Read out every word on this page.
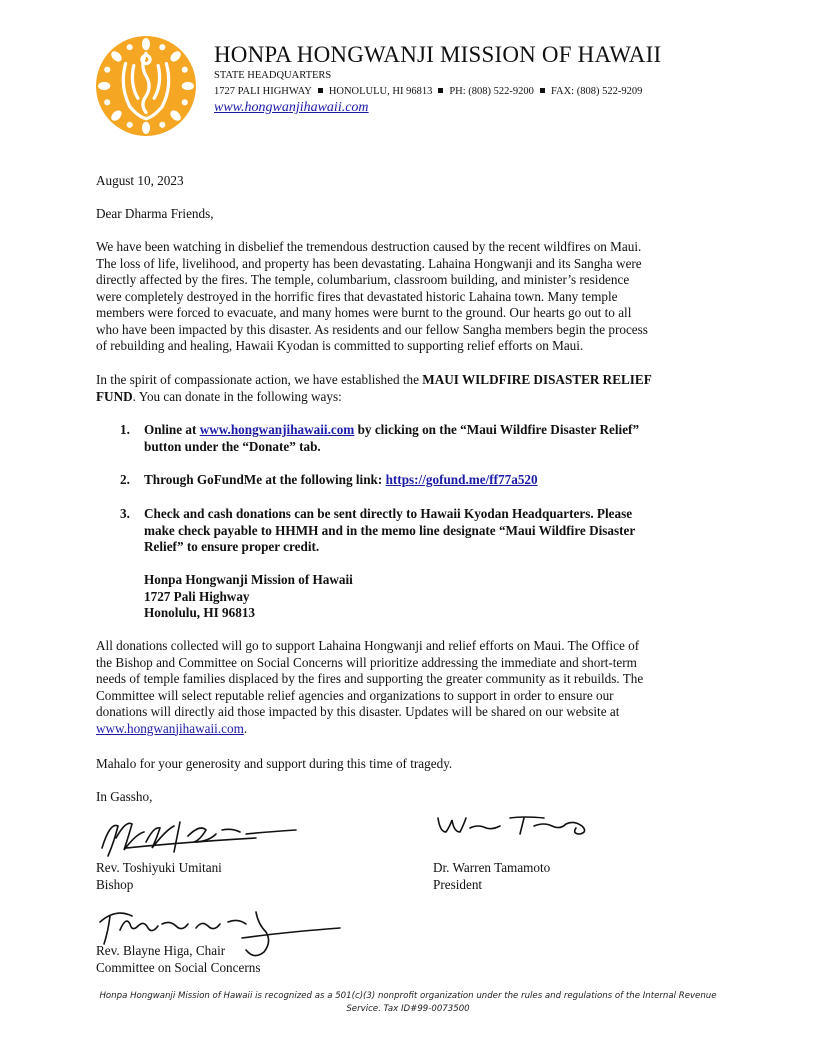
HONPA HONGWANJI MISSION OF HAWAII
STATE HEADQUARTERS
1727 PALI HIGHWAY HONOLULU, HI 96813 PH: (808) 522-9200 FAX: (808) 522-9209
www.hongwanjihawaii.com
August 10, 2023
Dear Dharma Friends,
We have been watching in disbelief the tremendous destruction caused by the recent wildfires on Maui.
The loss of life, livelihood, and property has been devastating. Lahaina Hongwanji and its Sangha were
directly affected by the fires. The temple, columbarium, classroom building, and minister’s residence
were completely destroyed in the horrific fires that devastated historic Lahaina town. Many temple
members were forced to evacuate, and many homes were burnt to the ground. Our hearts go out to all
who have been impacted by this disaster. As residents and our fellow Sangha members begin the process
of rebuilding and healing, Hawaii Kyodan is committed to supporting relief efforts on Maui.
In the spirit of compassionate action, we have established the MAUI WILDFIRE DISASTER RELIEF
FUND. You can donate in the following ways:
1. Online at www.hongwanjihawaii.com by clicking on the “Maui Wildfire Disaster Relief”
button under the “Donate” tab.
2. Through GoFundMe at the following link: https://gofund.me/ff77a520
3. Check and cash donations can be sent directly to Hawaii Kyodan Headquarters. Please
make check payable to HHMH and in the memo line designate “Maui Wildfire Disaster
Relief” to ensure proper credit.
Honpa Hongwanji Mission of Hawaii
1727 Pali Highway
Honolulu, HI 96813
All donations collected will go to support Lahaina Hongwanji and relief efforts on Maui. The Office of
the Bishop and Committee on Social Concerns will prioritize addressing the immediate and short-term
needs of temple families displaced by the fires and supporting the greater community as it rebuilds. The
Committee will select reputable relief agencies and organizations to support in order to ensure our
donations will directly aid those impacted by this disaster. Updates will be shared on our website at
www.hongwanjihawaii.com.
Mahalo for your generosity and support during this time of tragedy.
In Gassho,
Rev. Toshiyuki Umitani
Bishop
Dr. Warren Tamamoto
President
Rev. Blayne Higa, Chair
Committee on Social Concerns
Honpa Hongwanji Mission of Hawaii is recognized as a 501(c)(3) nonprofit organization under the rules and regulations of the Internal Revenue
Service. Tax ID#99-0073500
